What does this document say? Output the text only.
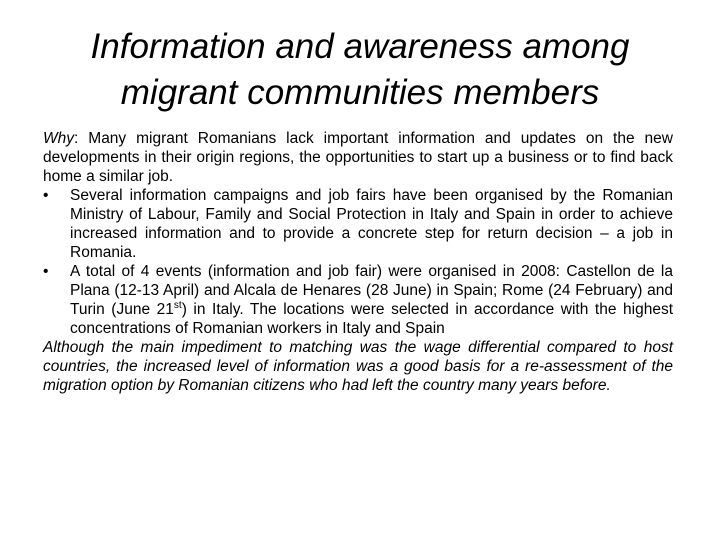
Information and awareness among
migrant communities members

Why: Many migrant Romanians lack important information and updates on the new developments in their origin regions, the opportunities to start up a business or to find back home a similar job.

•	Several information campaigns and job fairs have been organised by the Romanian Ministry of Labour, Family and Social Protection in Italy and Spain in order to achieve increased information and to provide a concrete step for return decision – a job in Romania.
•	A total of 4 events (information and job fair) were organised in 2008: Castellon de la Plana (12-13 April) and Alcala de Henares (28 June) in Spain; Rome (24 February) and Turin (June 21st) in Italy. The locations were selected in accordance with the highest concentrations of Romanian workers in Italy and Spain

Although the main impediment to matching was the wage differential compared to host countries, the increased level of information was a good basis for a re-assessment of the migration option by Romanian citizens who had left the country many years before.
